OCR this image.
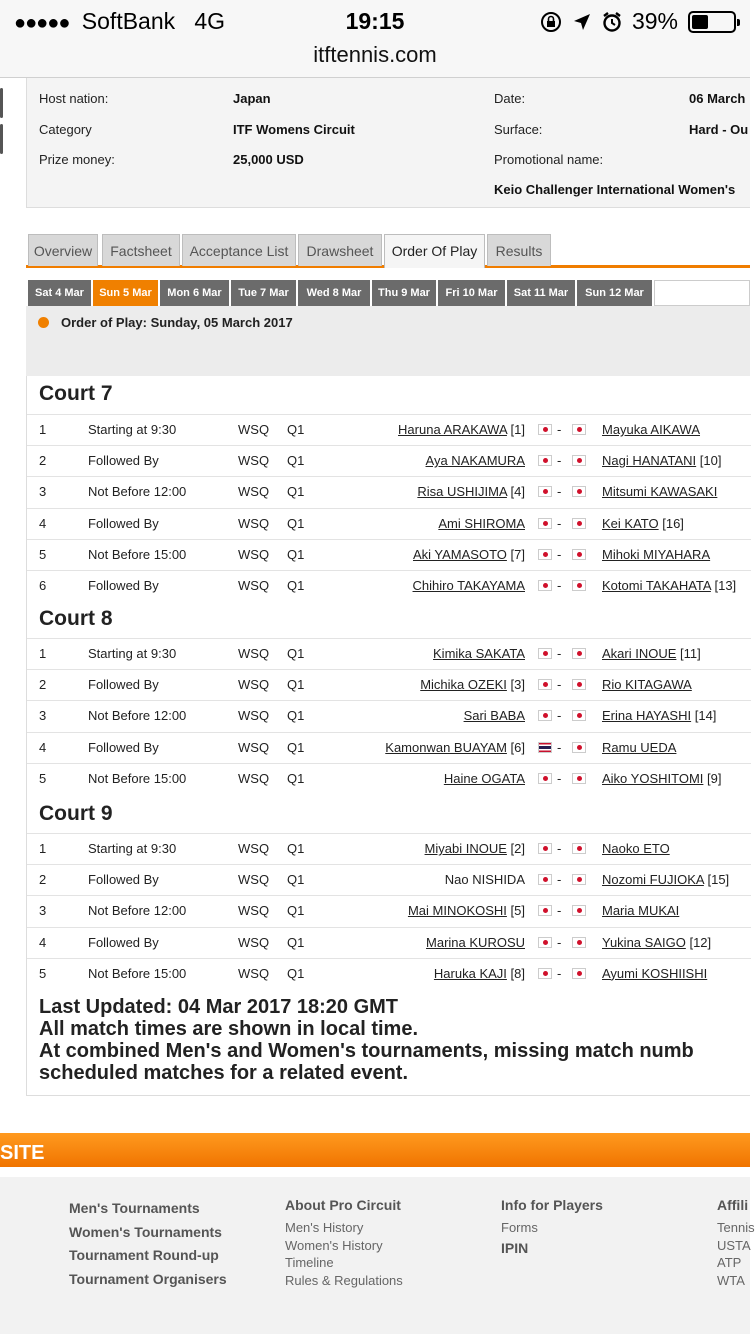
●●●●● SoftBank 4G	19:15	39%
itftennis.com
Host nation:	Japan
Category	ITF Womens Circuit
Prize money:	25,000 USD
Date:	06 March
Surface:	Hard - Ou
Promotional name:
Keio Challenger International Women's
Overview	Factsheet	Acceptance List	Drawsheet	Order Of Play	Results
Sat 4 Mar	Sun 5 Mar	Mon 6 Mar	Tue 7 Mar	Wed 8 Mar	Thu 9 Mar	Fri 10 Mar	Sat 11 Mar	Sun 12 Mar
Order of Play: Sunday, 05 March 2017
Last Updated: 04 Mar 2017 18:20 GMT
All match times are shown in local time.
At combined Men's and Women's tournaments, missing match numb
scheduled matches for a related event.
Court 7
1	Starting at 9:30	WSQ Q1	Haruna ARAKAWA [1] -	Mayuka AIKAWA
2	Followed By	WSQ Q1	Aya NAKAMURA -	Nagi HANATANI [10]
3	Not Before 12:00	WSQ Q1	Risa USHIJIMA [4] -	Mitsumi KAWASAKI
4	Followed By	WSQ Q1	Ami SHIROMA -	Kei KATO [16]
5	Not Before 15:00	WSQ Q1	Aki YAMASOTO [7] -	Mihoki MIYAHARA
6	Followed By	WSQ Q1	Chihiro TAKAYAMA -	Kotomi TAKAHATA [13]
Court 8
1	Starting at 9:30	WSQ Q1	Kimika SAKATA -	Akari INOUE [11]
2	Followed By	WSQ Q1	Michika OZEKI [3] -	Rio KITAGAWA
3	Not Before 12:00	WSQ Q1	Sari BABA -	Erina HAYASHI [14]
4	Followed By	WSQ Q1	Kamonwan BUAYAM [6] -	Ramu UEDA
5	Not Before 15:00	WSQ Q1	Haine OGATA -	Aiko YOSHITOMI [9]
Court 9
1	Starting at 9:30	WSQ Q1	Miyabi INOUE [2] -	Naoko ETO
2	Followed By	WSQ Q1	Nao NISHIDA -	Nozomi FUJIOKA [15]
3	Not Before 12:00	WSQ Q1	Mai MINOKOSHI [5] -	Maria MUKAI
4	Followed By	WSQ Q1	Marina KUROSU -	Yukina SAIGO [12]
5	Not Before 15:00	WSQ Q1	Haruka KAJI [8] -	Ayumi KOSHIISHI
SITE
Men's Tournaments
Women's Tournaments
Tournament Round-up
Tournament Organisers
About Pro Circuit
Men's History
Women's History
Timeline
Rules & Regulations
Info for Players
Forms
IPIN
Affili
Tennis
USTA
ATP
WTA
